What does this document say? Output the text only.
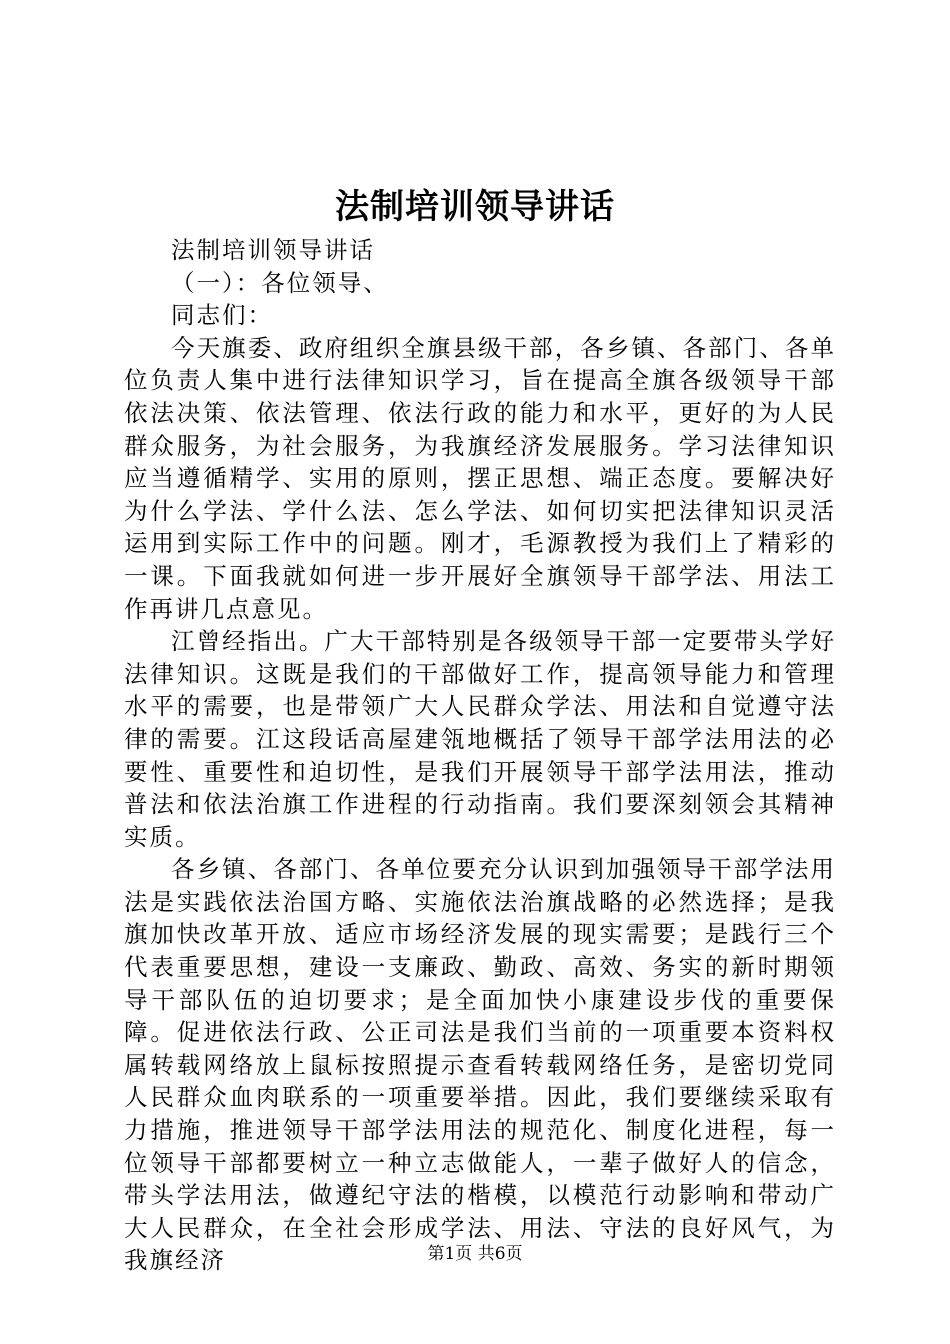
法制培训领导讲话

法制培训领导讲话

（一）：各位领导、

同志们：

今天旗委、政府组织全旗县级干部，各乡镇、各部门、各单位负责人集中进行法律知识学习，旨在提高全旗各级领导干部依法决策、依法管理、依法行政的能力和水平，更好的为人民群众服务，为社会服务，为我旗经济发展服务。学习法律知识应当遵循精学、实用的原则，摆正思想、端正态度。要解决好为什么学法、学什么法、怎么学法、如何切实把法律知识灵活运用到实际工作中的问题。刚才，毛源教授为我们上了精彩的一课。下面我就如何进一步开展好全旗领导干部学法、用法工作再讲几点意见。

江曾经指出。广大干部特别是各级领导干部一定要带头学好法律知识。这既是我们的干部做好工作，提高领导能力和管理水平的需要，也是带领广大人民群众学法、用法和自觉遵守法律的需要。江这段话高屋建瓴地概括了领导干部学法用法的必要性、重要性和迫切性，是我们开展领导干部学法用法，推动普法和依法治旗工作进程的行动指南。我们要深刻领会其精神实质。

各乡镇、各部门、各单位要充分认识到加强领导干部学法用法是实践依法治国方略、实施依法治旗战略的必然选择；是我旗加快改革开放、适应市场经济发展的现实需要；是践行三个代表重要思想，建设一支廉政、勤政、高效、务实的新时期领导干部队伍的迫切要求；是全面加快小康建设步伐的重要保障。促进依法行政、公正司法是我们当前的一项重要本资料权属转载网络放上鼠标按照提示查看转载网络任务，是密切党同人民群众血肉联系的一项重要举措。因此，我们要继续采取有力措施，推进领导干部学法用法的规范化、制度化进程，每一位领导干部都要树立一种立志做能人，一辈子做好人的信念，带头学法用法，做遵纪守法的楷模，以模范行动影响和带动广大人民群众，在全社会形成学法、用法、守法的良好风气，为我旗经济	第1页 共6页
